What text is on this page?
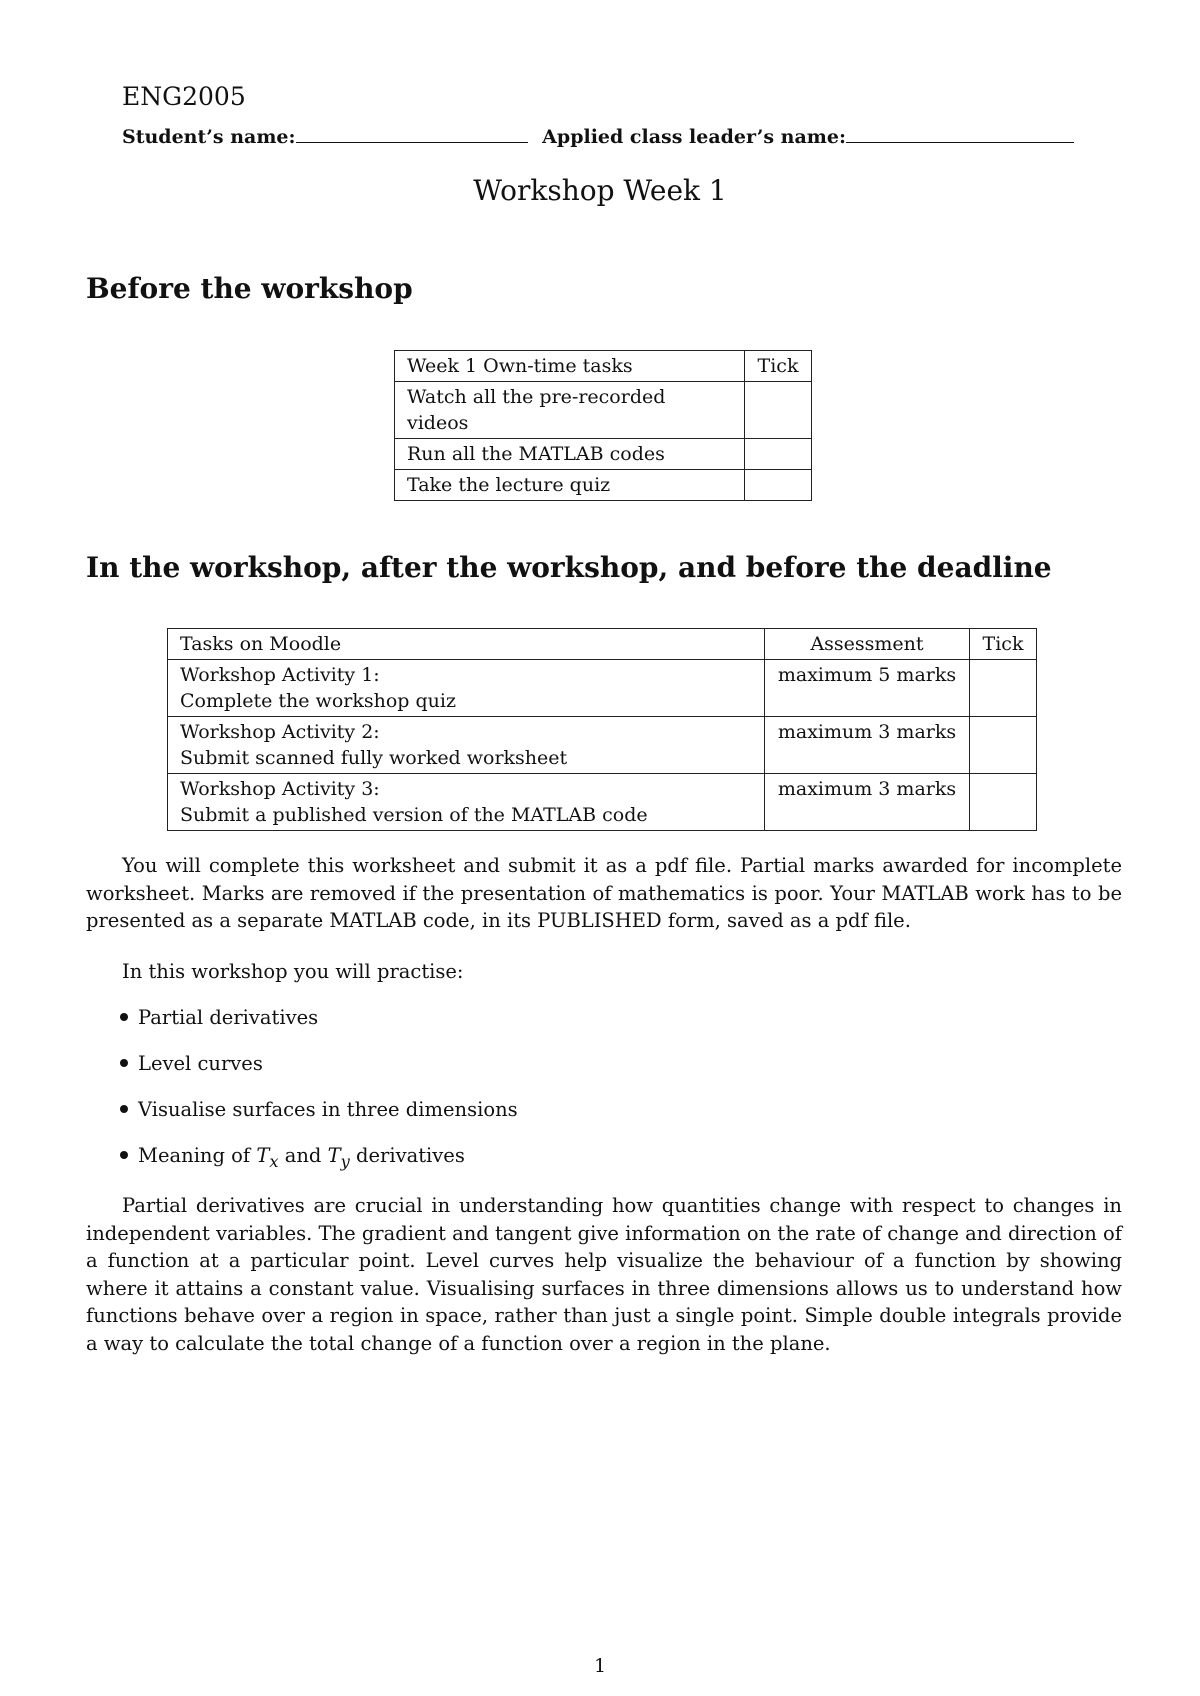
ENG2005
Student’s name:	Applied class leader’s name:
Workshop Week 1
Before the workshop
Week 1 Own-time tasks	Tick
Watch all the pre-recorded videos	
Run all the MATLAB codes	
Take the lecture quiz	
In the workshop, after the workshop, and before the deadline
Tasks on Moodle	Assessment	Tick

Workshop Activity 1:
Complete the workshop quiz	maximum 5 marks	

Workshop Activity 2:
Submit scanned fully worked worksheet	maximum 3 marks	

Workshop Activity 3:
Submit a published version of the MATLAB code	maximum 3 marks	

You will complete this worksheet and submit it as a pdf file. Partial marks awarded for incomplete worksheet. Marks are removed if the presentation of mathematics is poor. Your MATLAB work has to be presented as a separate MATLAB code, in its PUBLISHED form, saved as a pdf file.

In this workshop you will practise:
Partial derivatives
Level curves
Visualise surfaces in three dimensions
Meaning of $T_x$ and $T_y$ derivatives

Partial derivatives are crucial in understanding how quantities change with respect to changes in independent variables. The gradient and tangent give information on the rate of change and direction of a function at a particular point. Level curves help visualize the behaviour of a function by showing where it attains a constant value. Visualising surfaces in three dimensions allows us to understand how functions behave over a region in space, rather than just a single point. Simple double integrals provide a way to calculate the total change of a function over a region in the plane.

1
